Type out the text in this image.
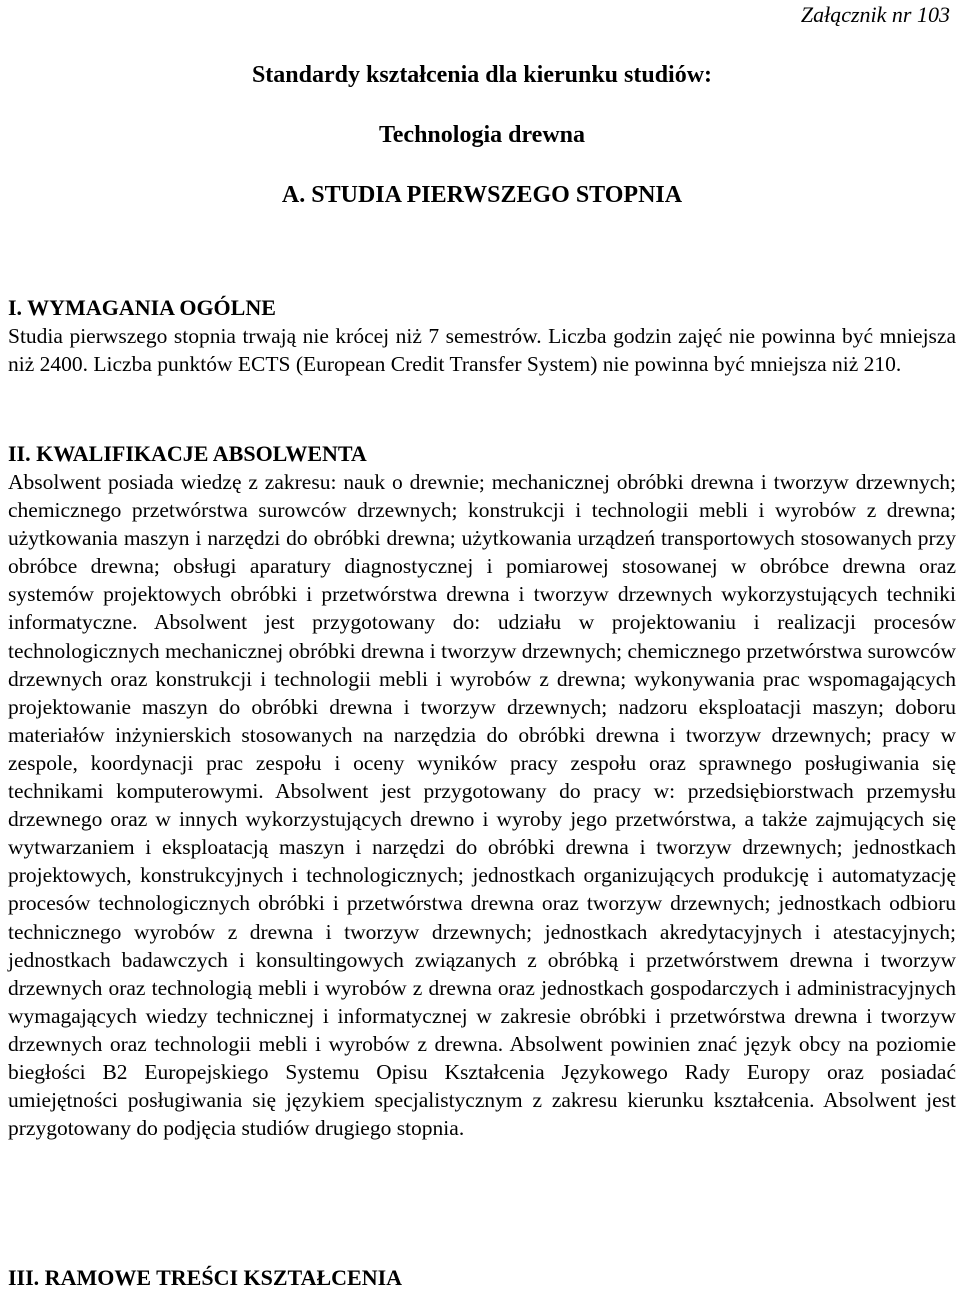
Załącznik nr 103

Standardy kształcenia dla kierunku studiów:
Technologia drewna
A. STUDIA PIERWSZEGO STOPNIA
I. WYMAGANIA OGÓLNE

Studia pierwszego stopnia trwają nie krócej niż 7 semestrów. Liczba godzin zajęć nie powinna być mniejsza niż 2400. Liczba punktów ECTS (European Credit Transfer System) nie powinna być mniejsza niż 210.

II. KWALIFIKACJE ABSOLWENTA

Absolwent posiada wiedzę z zakresu: nauk o drewnie; mechanicznej obróbki drewna i tworzyw drzewnych; chemicznego przetwórstwa surowców drzewnych; konstrukcji i technologii mebli i wyrobów z drewna; użytkowania maszyn i narzędzi do obróbki drewna; użytkowania urządzeń transportowych stosowanych przy obróbce drewna; obsługi aparatury diagnostycznej i pomiarowej stosowanej w obróbce drewna oraz systemów projektowych obróbki i przetwórstwa drewna i tworzyw drzewnych wykorzystujących techniki informatyczne. Absolwent jest przygotowany do: udziału w projektowaniu i realizacji procesów technologicznych mechanicznej obróbki drewna i tworzyw drzewnych; chemicznego przetwórstwa surowców drzewnych oraz konstrukcji i technologii mebli i wyrobów z drewna; wykonywania prac wspomagających projektowanie maszyn do obróbki drewna i tworzyw drzewnych; nadzoru eksploatacji maszyn; doboru materiałów inżynierskich stosowanych na narzędzia do obróbki drewna i tworzyw drzewnych; pracy w zespole, koordynacji prac zespołu i oceny wyników pracy zespołu oraz sprawnego posługiwania się technikami komputerowymi. Absolwent jest przygotowany do pracy w: przedsiębiorstwach przemysłu drzewnego oraz w innych wykorzystujących drewno i wyroby jego przetwórstwa, a także zajmujących się wytwarzaniem i eksploatacją maszyn i narzędzi do obróbki drewna i tworzyw drzewnych; jednostkach projektowych, konstrukcyjnych i technologicznych; jednostkach organizujących produkcję i automatyzację procesów technologicznych obróbki i przetwórstwa drewna oraz tworzyw drzewnych; jednostkach odbioru technicznego wyrobów z drewna i tworzyw drzewnych; jednostkach akredytacyjnych i atestacyjnych; jednostkach badawczych i konsultingowych związanych z obróbką i przetwórstwem drewna i tworzyw drzewnych oraz technologią mebli i wyrobów z drewna oraz jednostkach gospodarczych i administracyjnych wymagających wiedzy technicznej i informatycznej w zakresie obróbki i przetwórstwa drewna i tworzyw drzewnych oraz technologii mebli i wyrobów z drewna. Absolwent powinien znać język obcy na poziomie biegłości B2 Europejskiego Systemu Opisu Kształcenia Językowego Rady Europy oraz posiadać umiejętności posługiwania się językiem specjalistycznym z zakresu kierunku kształcenia. Absolwent jest przygotowany do podjęcia studiów drugiego stopnia.

III. RAMOWE TREŚCI KSZTAŁCENIA
